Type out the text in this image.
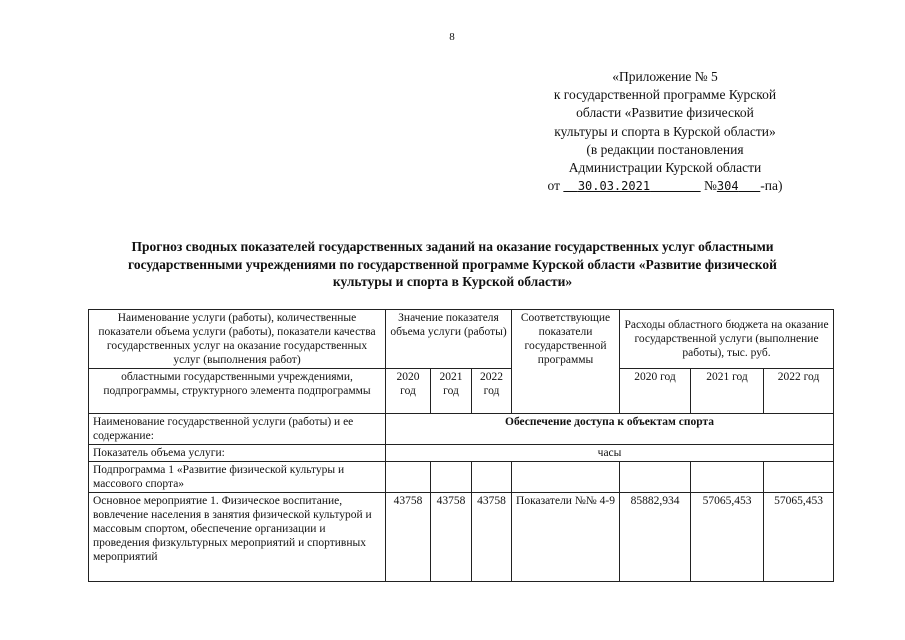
8
«Приложение № 5
к государственной программе Курской
области «Развитие физической
культуры и спорта в Курской области»
(в редакции постановления
Администрации Курской области
от 30.03.2021	№304 -па)
Прогноз сводных показателей государственных заданий на оказание государственных услуг областными государственными учреждениями по государственной программе Курской области «Развитие физической культуры и спорта в Курской области»
Наименование услуги (работы), количественные показатели объема услуги (работы), показатели качества государственных услуг на оказание государственных услуг (выполнения работ)	Значение показателя объема услуги (работы)			Соответствующие показатели государственной программы	Расходы областного бюджета на оказание государственной услуги (выполнение работы), тыс. руб.		
областными государственными учреждениями, подпрограммы, структурного элемента подпрограммы	2020 год	2021 год	2022 год		2020 год	2021 год	2022 год
Наименование государственной услуги (работы) и ее содержание:	Обеспечение доступа к объектам спорта						
Показатель объема услуги:	часы						
Подпрограмма 1 «Развитие физической культуры и массового спорта»							
Основное мероприятие 1. Физическое воспитание, вовлечение населения в занятия физической культурой и массовым спортом, обеспечение организации и проведения физкультурных мероприятий и спортивных мероприятий	43758	43758	43758	Показатели №№ 4-9	85882,934	57065,453	57065,453
